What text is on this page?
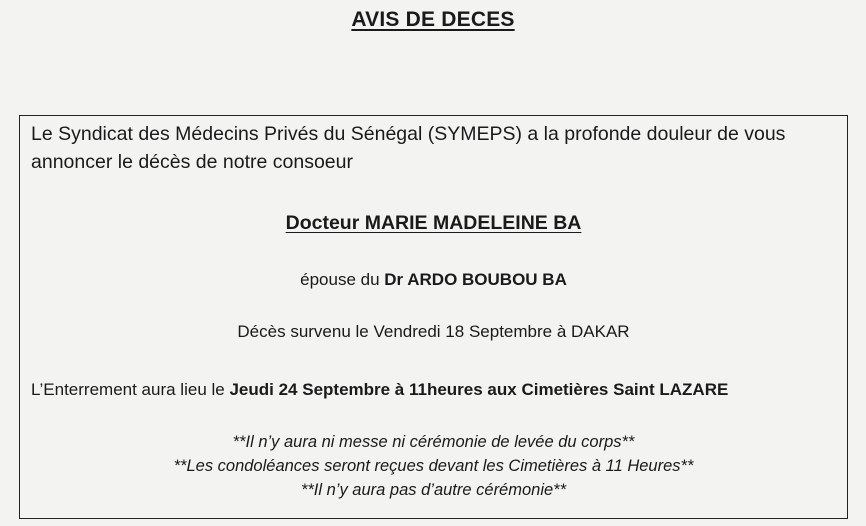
AVIS DE DECES
Le Syndicat des Médecins Privés du Sénégal (SYMEPS) a la profonde douleur de vous annoncer le décès de notre consoeur
Docteur MARIE MADELEINE BA
épouse du Dr ARDO BOUBOU BA
Décès survenu le Vendredi 18 Septembre à DAKAR
L’Enterrement aura lieu le Jeudi 24 Septembre à 11heures aux Cimetières Saint LAZARE
**Il n’y aura ni messe ni cérémonie de levée du corps**
**Les condoléances seront reçues devant les Cimetières à 11 Heures**
**Il n’y aura pas d’autre cérémonie**
